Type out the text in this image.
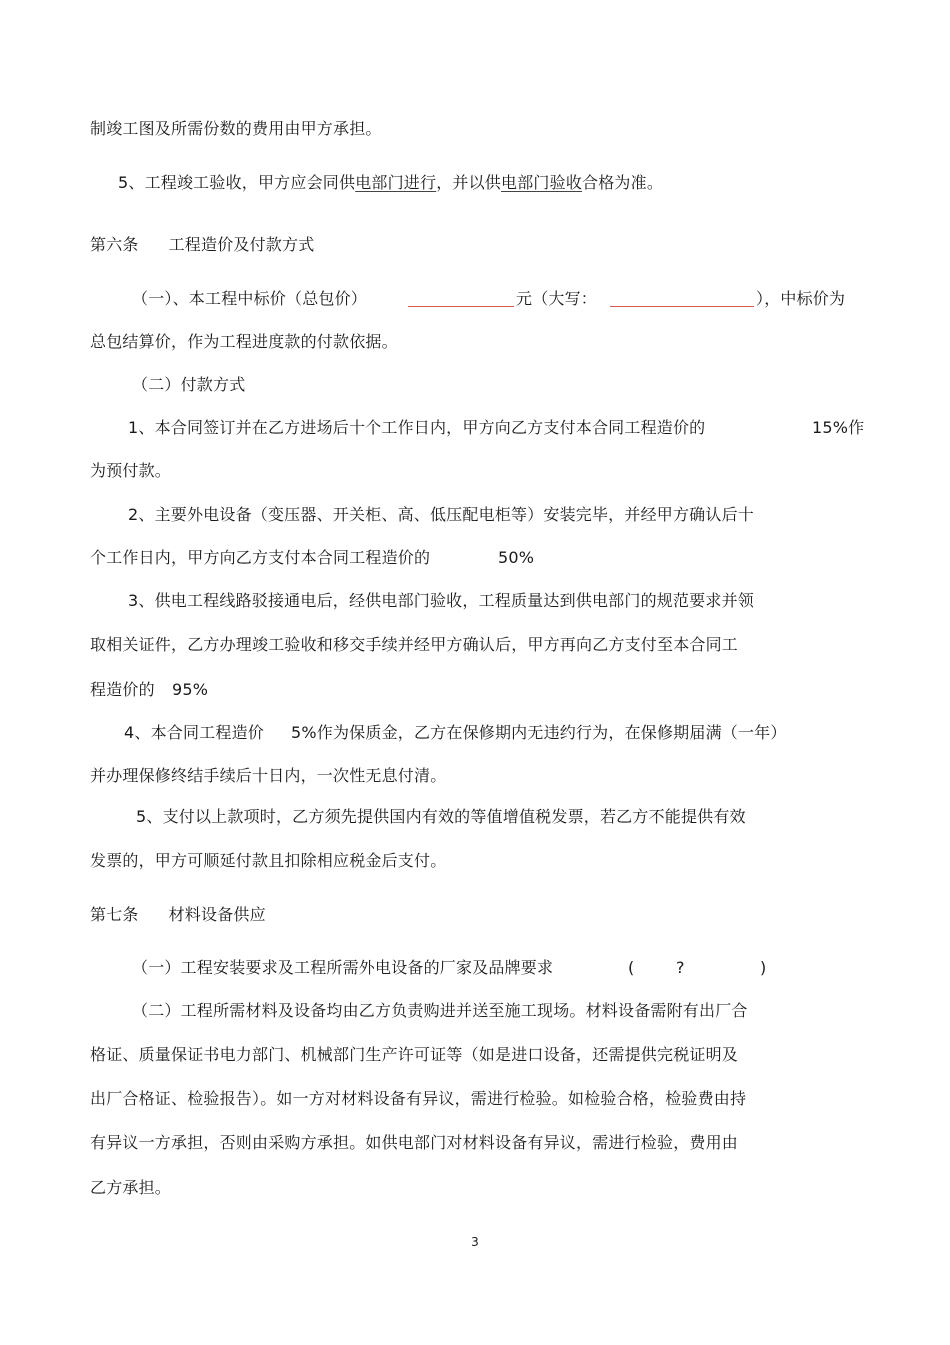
制竣工图及所需份数的费用由甲方承担。
5、工程竣工验收，甲方应会同供电部门进行，并以供电部门验收合格为准。
第六条 工程造价及付款方式
（一）、本工程中标价（总包价）	元（大写：	），中标价为
总包结算价，作为工程进度款的付款依据。
（二）付款方式
1、本合同签订并在乙方进场后十个工作日内，甲方向乙方支付本合同工程造价的	15%作
为预付款。
2、主要外电设备（变压器、开关柜、高、低压配电柜等）安装完毕，并经甲方确认后十
个工作日内，甲方向乙方支付本合同工程造价的	50%
3、供电工程线路驳接通电后，经供电部门验收，工程质量达到供电部门的规范要求并领
取相关证件，乙方办理竣工验收和移交手续并经甲方确认后，甲方再向乙方支付至本合同工
程造价的 95%
4、本合同工程造价 5%作为保质金，乙方在保修期内无违约行为，在保修期届满（一年）
并办理保修终结手续后十日内，一次性无息付清。
5、支付以上款项时，乙方须先提供国内有效的等值增值税发票，若乙方不能提供有效
发票的，甲方可顺延付款且扣除相应税金后支付。
第七条 材料设备供应
（一）工程安装要求及工程所需外电设备的厂家及品牌要求	(	?	)
（二）工程所需材料及设备均由乙方负责购进并送至施工现场。材料设备需附有出厂合
格证、质量保证书电力部门、机械部门生产许可证等（如是进口设备，还需提供完税证明及
出厂合格证、检验报告）。如一方对材料设备有异议，需进行检验。如检验合格，检验费由持
有异议一方承担，否则由采购方承担。如供电部门对材料设备有异议，需进行检验，费用由
乙方承担。
3
